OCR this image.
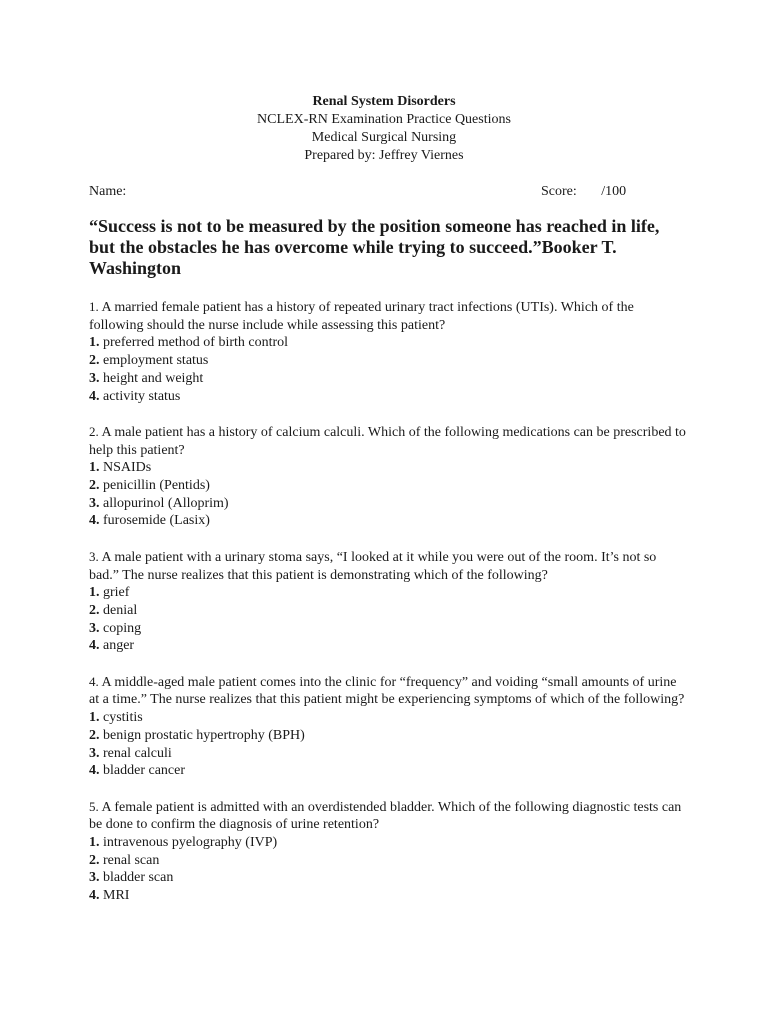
Renal System Disorders
NCLEX-RN Examination Practice Questions
Medical Surgical Nursing
Prepared by: Jeffrey Viernes
Name:	Score: /100
“Success is not to be measured by the position someone has reached in life, but the obstacles he has overcome while trying to succeed.”Booker T. Washington
1. A married female patient has a history of repeated urinary tract infections (UTIs). Which of the following should the nurse include while assessing this patient?
1. preferred method of birth control
2. employment status
3. height and weight
4. activity status
2. A male patient has a history of calcium calculi. Which of the following medications can be prescribed to help this patient?
1. NSAIDs
2. penicillin (Pentids)
3. allopurinol (Alloprim)
4. furosemide (Lasix)
3. A male patient with a urinary stoma says, “I looked at it while you were out of the room. It’s not so bad.” The nurse realizes that this patient is demonstrating which of the following?
1. grief
2. denial
3. coping
4. anger
4. A middle-aged male patient comes into the clinic for “frequency” and voiding “small amounts of urine at a time.” The nurse realizes that this patient might be experiencing symptoms of which of the following?
1. cystitis
2. benign prostatic hypertrophy (BPH)
3. renal calculi
4. bladder cancer
5. A female patient is admitted with an overdistended bladder. Which of the following diagnostic tests can be done to confirm the diagnosis of urine retention?
1. intravenous pyelography (IVP)
2. renal scan
3. bladder scan
4. MRI
